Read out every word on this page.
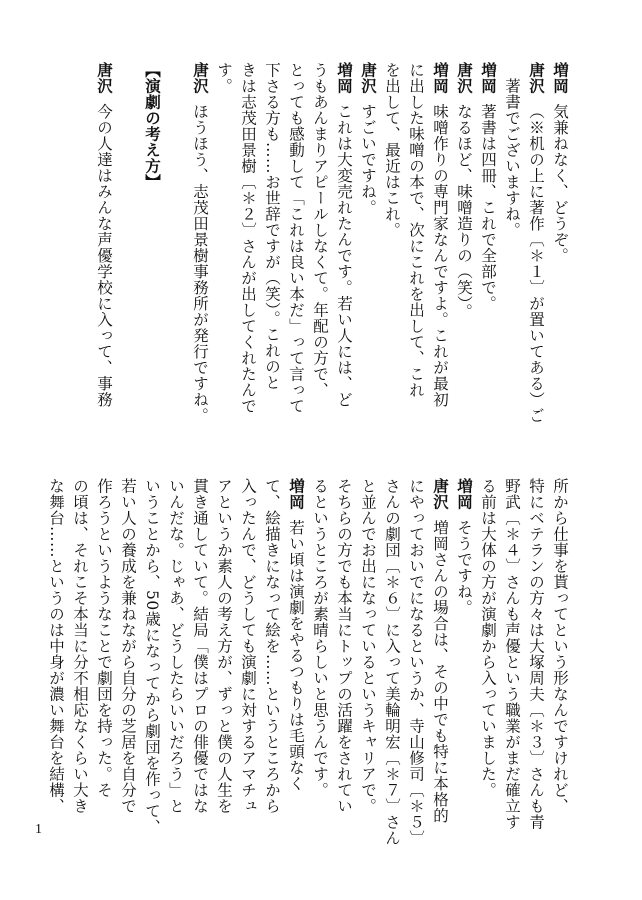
増岡気兼ねなく、どうぞ。
唐沢（※机の上に著作〔＊１〕が置いてある）ご
　著書でございますね。
増岡著書は四冊、これで全部で。
唐沢なるほど、味噌造りの（笑）。
増岡味噌作りの専門家なんですよ。これが最初
に出した味噌の本で、次にこれを出して、これ
を出して、最近はこれ。
唐沢すごいですね。
増岡これは大変売れたんです。若い人には、ど
うもあんまりアピールしなくて。年配の方で、
とっても感動して「これは良い本だ」って言って
下さる方も……お世辞ですが（笑）。これのと
きは志茂田景樹〔＊２〕さんが出してくれたんで
す。
唐沢ほうほう、志茂田景樹事務所が発行ですね。

【演劇の考え方】

唐沢今の人達はみんな声優学校に入って、事務
所から仕事を貰ってという形なんですけれど、
特にベテランの方々は大塚周夫〔＊３〕さんも青
野武〔＊４〕さんも声優という職業がまだ確立す
る前は大体の方が演劇から入っていました。
増岡そうですね。
唐沢増岡さんの場合は、その中でも特に本格的
にやっておいでになるというか、寺山修司〔＊５〕
さんの劇団〔＊６〕に入って美輪明宏〔＊７〕さん
と並んでお出になっているというキャリアで。
そちらの方でも本当にトップの活躍をされてい
るというところが素晴らしいと思うんです。
増岡若い頃は演劇をやるつもりは毛頭なく
て、絵描きになって絵を……というところから
入ったんで、どうしても演劇に対するアマチュ
アというか素人の考え方が、ずっと僕の人生を
貫き通していて。結局「僕はプロの俳優ではな
いんだな。じゃあ、どうしたらいいだろう」と
いうことから、50歳になってから劇団を作って、
若い人の養成を兼ねながら自分の芝居を自分で
作ろうというようなことで劇団を持った。そ
の頃は、それこそ本当に分不相応なくらい大き
な舞台……というのは中身が濃い舞台を結構、
1
